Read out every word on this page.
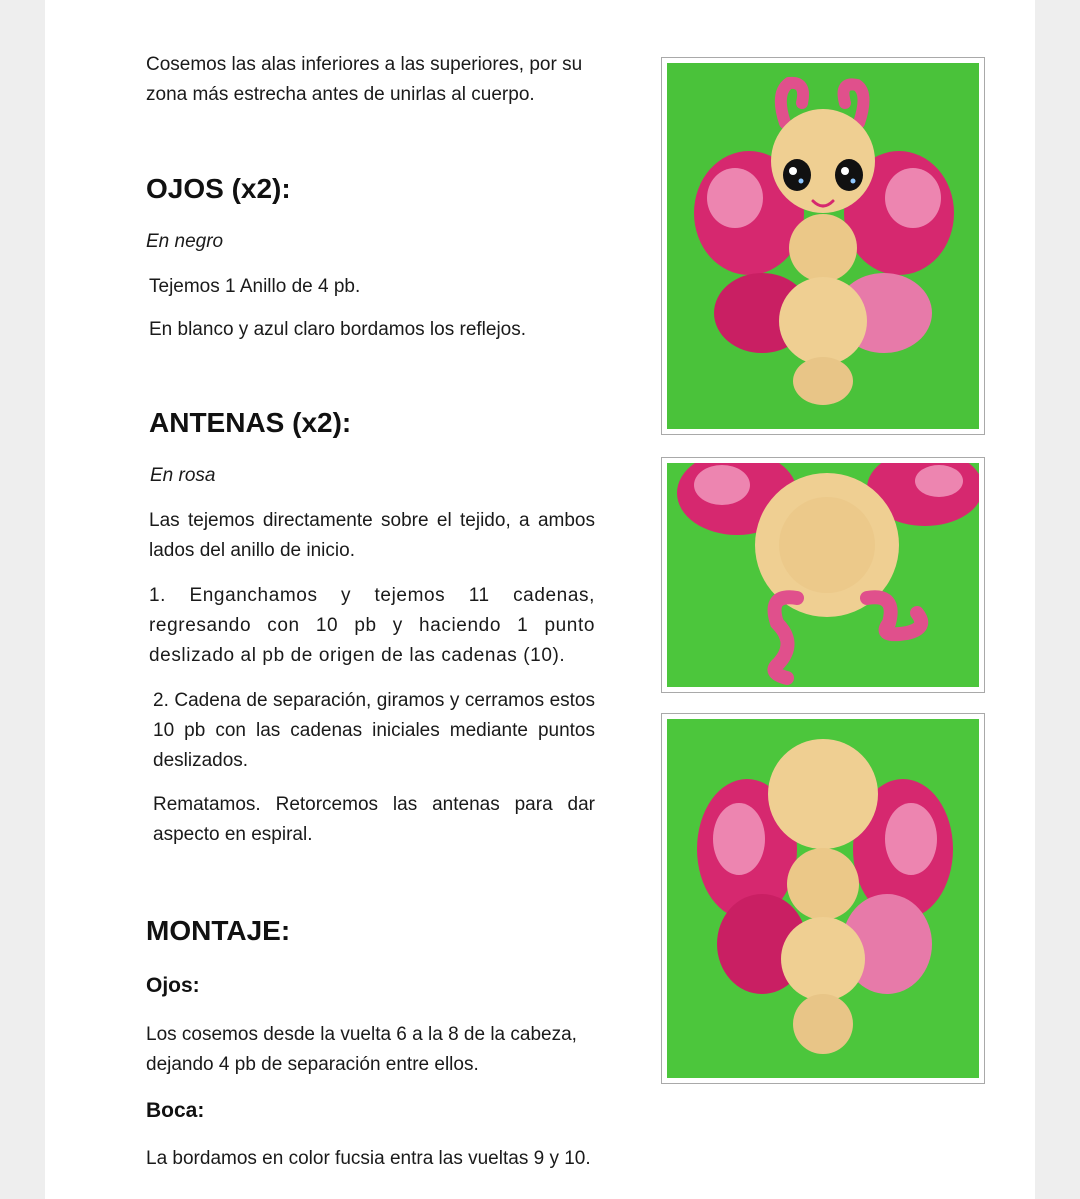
Cosemos las alas inferiores a las superiores, por su zona más estrecha antes de unirlas al cuerpo.

OJOS (x2):

En negro

Tejemos 1 Anillo de 4 pb.

En blanco y azul claro bordamos los reflejos.

ANTENAS (x2):

En rosa

Las tejemos directamente sobre el tejido, a ambos lados del anillo de inicio.

1. Enganchamos y tejemos 11 cadenas, regresando con 10 pb y haciendo 1 punto deslizado al pb de origen de las cadenas (10).

2. Cadena de separación, giramos y cerramos estos 10 pb con las cadenas iniciales mediante puntos deslizados.

Rematamos. Retorcemos las antenas para dar aspecto en espiral.

MONTAJE:
Ojos:

Los cosemos desde la vuelta 6 a la 8 de la cabeza, dejando 4 pb de separación entre ellos.

Boca:

La bordamos en color fucsia entra las vueltas 9 y 10.
